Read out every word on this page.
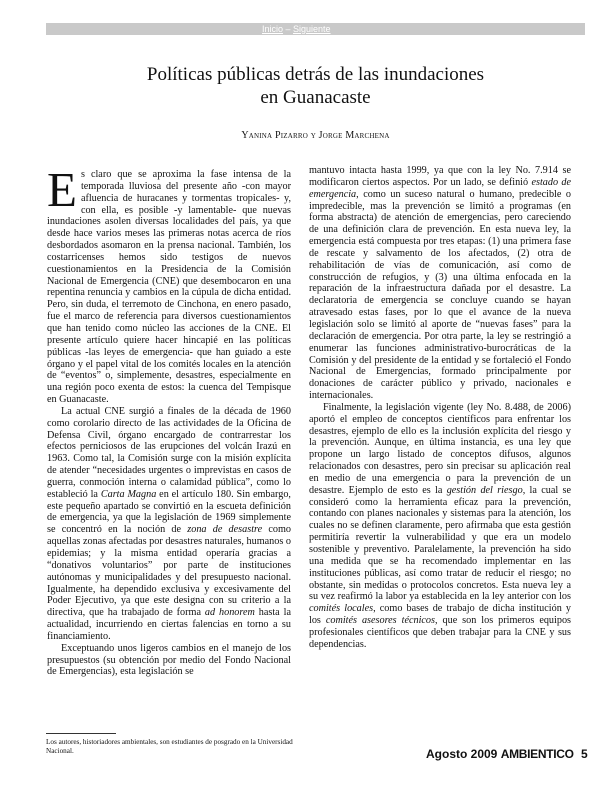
Inicio – Siguiente
Políticas públicas detrás de las inundaciones
en Guanacaste
Yanina Pizarro y Jorge Marchena

Es claro que se aproxima la fase intensa de la temporada lluviosa del presente año -con mayor afluencia de huracanes y tormentas tropicales- y, con ella, es posible -y lamentable- que nuevas inundaciones asolen diversas localidades del país, ya que desde hace varios meses las primeras notas acerca de ríos desbordados asomaron en la prensa nacional. También, los costarricenses hemos sido testigos de nuevos cuestionamientos en la Presidencia de la Comisión Nacional de Emergencia (CNE) que desembocaron en una repentina renuncia y cambios en la cúpula de dicha entidad. Pero, sin duda, el terremoto de Cinchona, en enero pasado, fue el marco de referencia para diversos cuestionamientos que han tenido como núcleo las acciones de la CNE. El presente artículo quiere hacer hincapié en las políticas públicas -las leyes de emergencia- que han guiado a este órgano y el papel vital de los comités locales en la atención de “eventos” o, simplemente, desastres, especialmente en una región poco exenta de estos: la cuenca del Tempisque en Guanacaste.

La actual CNE surgió a finales de la década de 1960 como corolario directo de las actividades de la Oficina de Defensa Civil, órgano encargado de contrarrestar los efectos perniciosos de las erupciones del volcán Irazú en 1963. Como tal, la Comisión surge con la misión explícita de atender “necesidades urgentes o imprevistas en casos de guerra, conmoción interna o calamidad pública”, como lo estableció la Carta Magna en el artículo 180. Sin embargo, este pequeño apartado se convirtió en la escueta definición de emergencia, ya que la legislación de 1969 simplemente se concentró en la noción de zona de desastre como aquellas zonas afectadas por desastres naturales, humanos o epidemias; y la misma entidad operaría gracias a “donativos voluntarios” por parte de instituciones autónomas y municipalidades y del presupuesto nacional. Igualmente, ha dependido exclusiva y excesivamente del Poder Ejecutivo, ya que este designa con su criterio a la directiva, que ha trabajado de forma ad honorem hasta la actualidad, incurriendo en ciertas falencias en torno a su financiamiento.

Exceptuando unos ligeros cambios en el manejo de los presupuestos (su obtención por medio del Fondo Nacional de Emergencias), esta legislación se

mantuvo intacta hasta 1999, ya que con la ley No. 7.914 se modificaron ciertos aspectos. Por un lado, se definió estado de emergencia, como un suceso natural o humano, predecible o impredecible, mas la prevención se limitó a programas (en forma abstracta) de atención de emergencias, pero careciendo de una definición clara de prevención. En esta nueva ley, la emergencia está compuesta por tres etapas: (1) una primera fase de rescate y salvamento de los afectados, (2) otra de rehabilitación de vías de comunicación, así como de construcción de refugios, y (3) una última enfocada en la reparación de la infraestructura dañada por el desastre. La declaratoria de emergencia se concluye cuando se hayan atravesado estas fases, por lo que el avance de la nueva legislación solo se limitó al aporte de “nuevas fases” para la declaración de emergencia. Por otra parte, la ley se restringió a enumerar las funciones administrativo-burocráticas de la Comisión y del presidente de la entidad y se fortaleció el Fondo Nacional de Emergencias, formado principalmente por donaciones de carácter público y privado, nacionales e internacionales.

Finalmente, la legislación vigente (ley No. 8.488, de 2006) aportó el empleo de conceptos científicos para enfrentar los desastres, ejemplo de ello es la inclusión explícita del riesgo y la prevención. Aunque, en última instancia, es una ley que propone un largo listado de conceptos difusos, algunos relacionados con desastres, pero sin precisar su aplicación real en medio de una emergencia o para la prevención de un desastre. Ejemplo de esto es la gestión del riesgo, la cual se consideró como la herramienta eficaz para la prevención, contando con planes nacionales y sistemas para la atención, los cuales no se definen claramente, pero afirmaba que esta gestión permitiría revertir la vulnerabilidad y que era un modelo sostenible y preventivo. Paralelamente, la prevención ha sido una medida que se ha recomendado implementar en las instituciones públicas, así como tratar de reducir el riesgo; no obstante, sin medidas o protocolos concretos. Esta nueva ley a su vez reafirmó la labor ya establecida en la ley anterior con los comités locales, como bases de trabajo de dicha institución y los comités asesores técnicos, que son los primeros equipos profesionales científicos que deben trabajar para la CNE y sus dependencias.

Los autores, historiadores ambientales, son estudiantes de posgrado en la Universidad Nacional.	Agosto 2009 AMBIENTICO 5
